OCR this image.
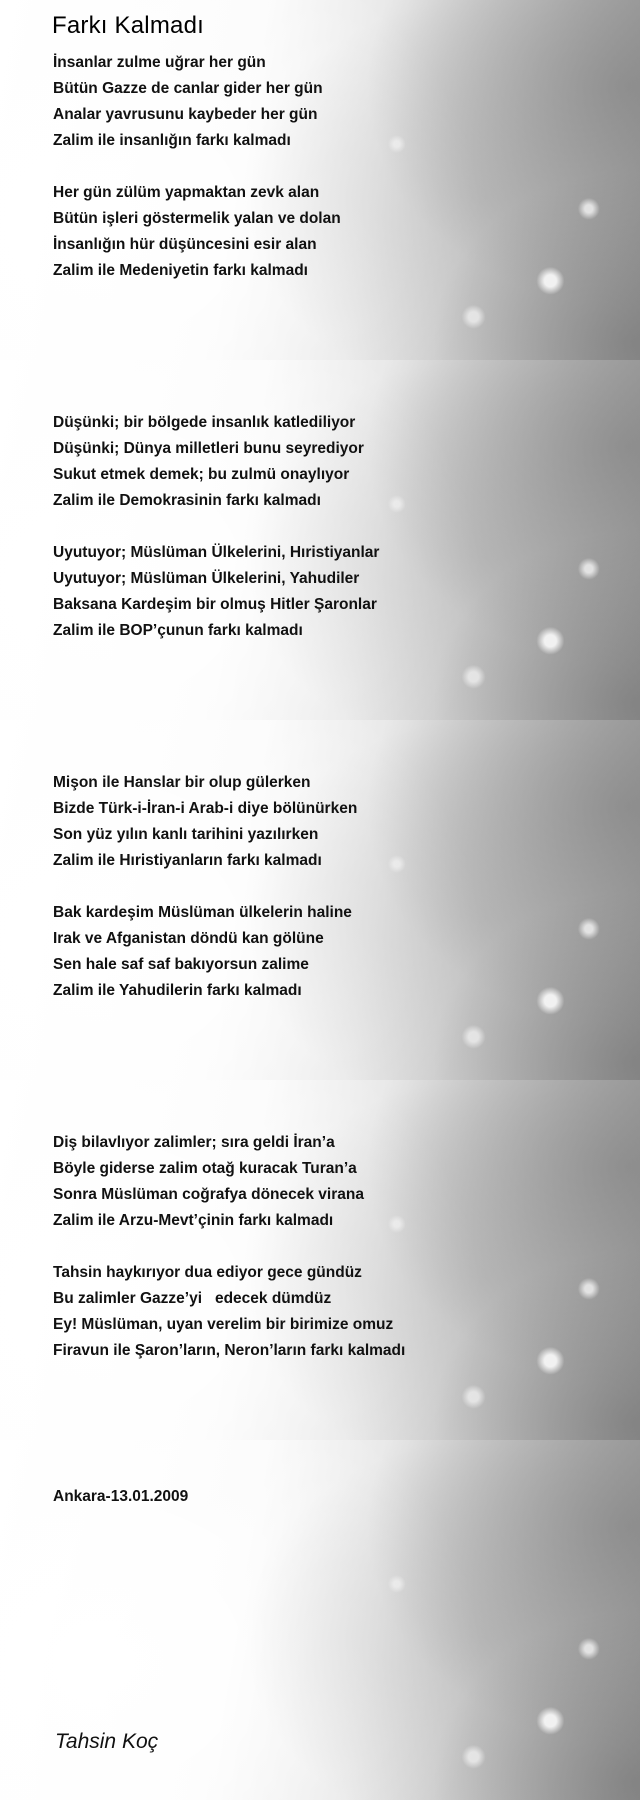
Farkı Kalmadı
İnsanlar zulme uğrar her gün
Bütün Gazze de canlar gider her gün
Analar yavrusunu kaybeder her gün
Zalim ile insanlığın farkı kalmadı
Her gün zülüm yapmaktan zevk alan
Bütün işleri göstermelik yalan ve dolan
İnsanlığın hür düşüncesini esir alan
Zalim ile Medeniyetin farkı kalmadı
Düşünki; bir bölgede insanlık katlediliyor
Düşünki; Dünya milletleri bunu seyrediyor
Sukut etmek demek; bu zulmü onaylıyor
Zalim ile Demokrasinin farkı kalmadı
Uyutuyor; Müslüman Ülkelerini, Hıristiyanlar
Uyutuyor; Müslüman Ülkelerini, Yahudiler
Baksana Kardeşim bir olmuş Hitler Şaronlar
Zalim ile BOP’çunun farkı kalmadı
Mişon ile Hanslar bir olup gülerken
Bizde Türk-i-İran-i Arab-i diye bölünürken
Son yüz yılın kanlı tarihini yazılırken
Zalim ile Hıristiyanların farkı kalmadı
Bak kardeşim Müslüman ülkelerin haline
Irak ve Afganistan döndü kan gölüne
Sen hale saf saf bakıyorsun zalime
Zalim ile Yahudilerin farkı kalmadı
Diş bilavlıyor zalimler; sıra geldi İran’a
Böyle giderse zalim otağ kuracak Turan’a
Sonra Müslüman coğrafya dönecek virana
Zalim ile Arzu-Mevt’çinin farkı kalmadı
Tahsin haykırıyor dua ediyor gece gündüz
Bu zalimler Gazze’yi   edecek dümdüz
Ey! Müslüman, uyan verelim bir birimize omuz
Firavun ile Şaron’ların, Neron’ların farkı kalmadı
Ankara-13.01.2009
Tahsin Koç
